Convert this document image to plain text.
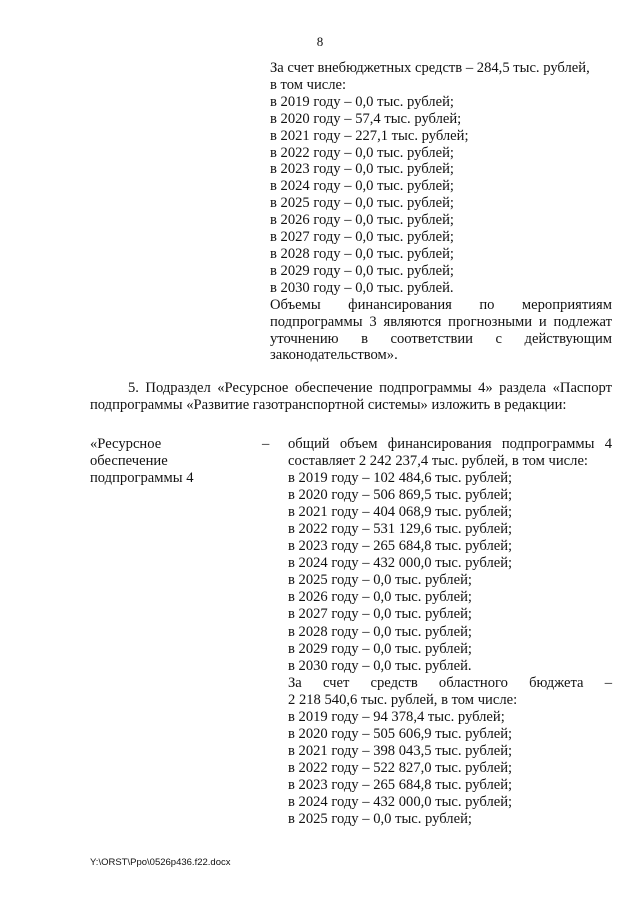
8
За счет внебюджетных средств – 284,5 тыс. рублей,
в том числе:
в 2019 году – 0,0 тыс. рублей;
в 2020 году – 57,4 тыс. рублей;
в 2021 году – 227,1 тыс. рублей;
в 2022 году – 0,0 тыс. рублей;
в 2023 году – 0,0 тыс. рублей;
в 2024 году – 0,0 тыс. рублей;
в 2025 году – 0,0 тыс. рублей;
в 2026 году – 0,0 тыс. рублей;
в 2027 году – 0,0 тыс. рублей;
в 2028 году – 0,0 тыс. рублей;
в 2029 году – 0,0 тыс. рублей;
в 2030 году – 0,0 тыс. рублей.
Объемы финансирования по мероприятиям
подпрограммы 3 являются прогнозными и подлежат
уточнению в соответствии с действующим
законодательством».
5. Подраздел «Ресурсное обеспечение подпрограммы 4» раздела «Паспорт
подпрограммы «Развитие газотранспортной системы» изложить в редакции:
«Ресурсное
обеспечение
подпрограммы 4
– общий объем финансирования подпрограммы 4
составляет 2 242 237,4 тыс. рублей, в том числе:
в 2019 году – 102 484,6 тыс. рублей;
в 2020 году – 506 869,5 тыс. рублей;
в 2021 году – 404 068,9 тыс. рублей;
в 2022 году – 531 129,6 тыс. рублей;
в 2023 году – 265 684,8 тыс. рублей;
в 2024 году – 432 000,0 тыс. рублей;
в 2025 году – 0,0 тыс. рублей;
в 2026 году – 0,0 тыс. рублей;
в 2027 году – 0,0 тыс. рублей;
в 2028 году – 0,0 тыс. рублей;
в 2029 году – 0,0 тыс. рублей;
в 2030 году – 0,0 тыс. рублей.
За счет средств областного бюджета –
2 218 540,6 тыс. рублей, в том числе:
в 2019 году – 94 378,4 тыс. рублей;
в 2020 году – 505 606,9 тыс. рублей;
в 2021 году – 398 043,5 тыс. рублей;
в 2022 году – 522 827,0 тыс. рублей;
в 2023 году – 265 684,8 тыс. рублей;
в 2024 году – 432 000,0 тыс. рублей;
в 2025 году – 0,0 тыс. рублей;
Y:\ORST\Ppo\0526p436.f22.docx
